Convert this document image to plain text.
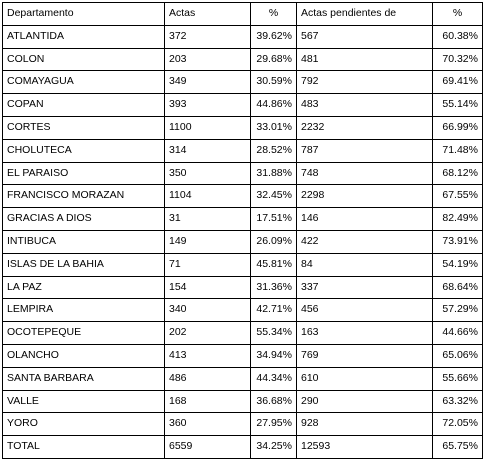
Departamento	Actas	%	Actas pendientes de	%
ATLANTIDA	372	39.62%	567	60.38%
COLON	203	29.68%	481	70.32%
COMAYAGUA	349	30.59%	792	69.41%
COPAN	393	44.86%	483	55.14%
CORTES	1100	33.01%	2232	66.99%
CHOLUTECA	314	28.52%	787	71.48%
EL PARAISO	350	31.88%	748	68.12%
FRANCISCO MORAZAN	1104	32.45%	2298	67.55%
GRACIAS A DIOS	31	17.51%	146	82.49%
INTIBUCA	149	26.09%	422	73.91%
ISLAS DE LA BAHIA	71	45.81%	84	54.19%
LA PAZ	154	31.36%	337	68.64%
LEMPIRA	340	42.71%	456	57.29%
OCOTEPEQUE	202	55.34%	163	44.66%
OLANCHO	413	34.94%	769	65.06%
SANTA BARBARA	486	44.34%	610	55.66%
VALLE	168	36.68%	290	63.32%
YORO	360	27.95%	928	72.05%
TOTAL	6559	34.25%	12593	65.75%
